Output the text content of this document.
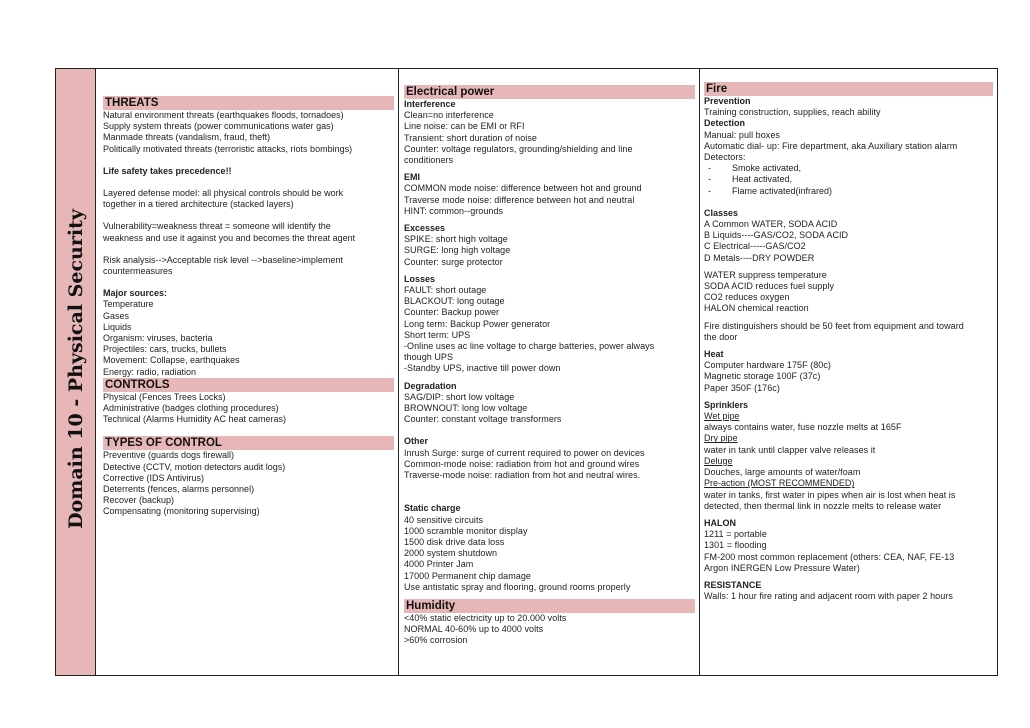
Domain 10 - Physical Security
THREATS
Natural environment threats (earthquakes floods, tornadoes)
Supply system threats (power communications water gas)
Manmade threats (vandalism, fraud, theft)
Politically motivated threats (terroristic attacks, riots bombings)
Life safety takes precedence!!
Layered defense model: all physical controls should be work
together in a tiered architecture (stacked layers)
Vulnerability=weakness threat = someone will identify the
weakness and use it against you and becomes the threat agent
Risk analysis-->Acceptable risk level -->baseline>implement
countermeasures
Major sources:
Temperature
Gases
Liquids
Organism: viruses, bacteria
Projectiles: cars, trucks, bullets
Movement: Collapse, earthquakes
Energy: radio, radiation
CONTROLS
Physical (Fences Trees Locks)
Administrative (badges clothing procedures)
Technical (Alarms Humidity AC heat cameras)
TYPES OF CONTROL
Preventive (guards dogs firewall)
Detective (CCTV, motion detectors audit logs)
Corrective (IDS Antivirus)
Deterrents (fences, alarms personnel)
Recover (backup)
Compensating (monitoring supervising)
Electrical power
Interference
Clean=no interference
Line noise: can be EMI or RFI
Transient: short duration of noise
Counter: voltage regulators, grounding/shielding and line
conditioners
EMI
COMMON mode noise: difference between hot and ground
Traverse mode noise: difference between hot and neutral
HINT: common--grounds
Excesses
SPIKE: short high voltage
SURGE: long high voltage
Counter: surge protector
Losses
FAULT: short outage
BLACKOUT: long outage
Counter: Backup power
Long term: Backup Power generator
Short term: UPS
-Online uses ac line voltage to charge batteries, power always
though UPS
-Standby UPS, inactive till power down
Degradation
SAG/DIP: short low voltage
BROWNOUT: long low voltage
Counter: constant voltage transformers
Other
Inrush Surge: surge of current required to power on devices
Common-mode noise: radiation from hot and ground wires
Traverse-mode noise: radiation from hot and neutral wires.
Static charge
40 sensitive circuits
1000 scramble monitor display
1500 disk drive data loss
2000 system shutdown
4000 Printer Jam
17000 Permanent chip damage
Use antistatic spray and flooring, ground rooms properly
Humidity
<40% static electricity up to 20.000 volts
NORMAL 40-60% up to 4000 volts
>60% corrosion
Fire
Prevention
Training construction, supplies, reach ability
Detection
Manual: pull boxes
Automatic dial- up: Fire department, aka Auxiliary station alarm
Detectors:
- Smoke activated,
- Heat activated,
- Flame activated(infrared)
Classes
A Common WATER, SODA ACID
B Liquids----GAS/CO2, SODA ACID
C Electrical-----GAS/CO2
D Metals----DRY POWDER
WATER suppress temperature
SODA ACID reduces fuel supply
CO2 reduces oxygen
HALON chemical reaction
Fire distinguishers should be 50 feet from equipment and toward
the door
Heat
Computer hardware 175F (80c)
Magnetic storage 100F (37c)
Paper 350F (176c)
Sprinklers
Wet pipe
always contains water, fuse nozzle melts at 165F
Dry pipe
water in tank until clapper valve releases it
Deluge
Douches, large amounts of water/foam
Pre-action (MOST RECOMMENDED)
water in tanks, first water in pipes when air is lost when heat is
detected, then thermal link in nozzle melts to release water
HALON
1211 = portable
1301 = flooding
FM-200 most common replacement (others: CEA, NAF, FE-13
Argon INERGEN Low Pressure Water)
RESISTANCE
Walls: 1 hour fire rating and adjacent room with paper 2 hours
